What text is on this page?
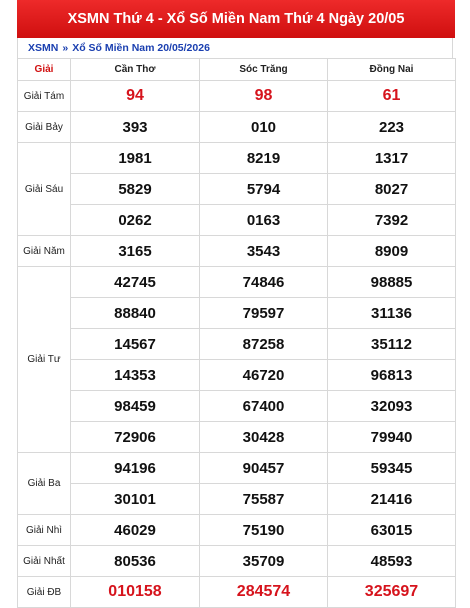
XSMN Thứ 4 - Xổ Số Miền Nam Thứ 4 Ngày 20/05
XSMN » Xổ Số Miền Nam 20/05/2026
Giải	Cần Thơ	Sóc Trăng	Đồng Nai
Giải Tám	94	98	61
Giải Bảy	393	010	223
Giải Sáu	1981	8219	1317
	5829	5794	8027
	0262	0163	7392
Giải Năm	3165	3543	8909
Giải Tư	42745	74846	98885
	88840	79597	31136
	14567	87258	35112
	14353	46720	96813
	98459	67400	32093
	72906	30428	79940
Giải Ba	94196	90457	59345
	30101	75587	21416
Giải Nhì	46029	75190	63015
Giải Nhất	80536	35709	48593
Giải ĐB	010158	284574	325697
